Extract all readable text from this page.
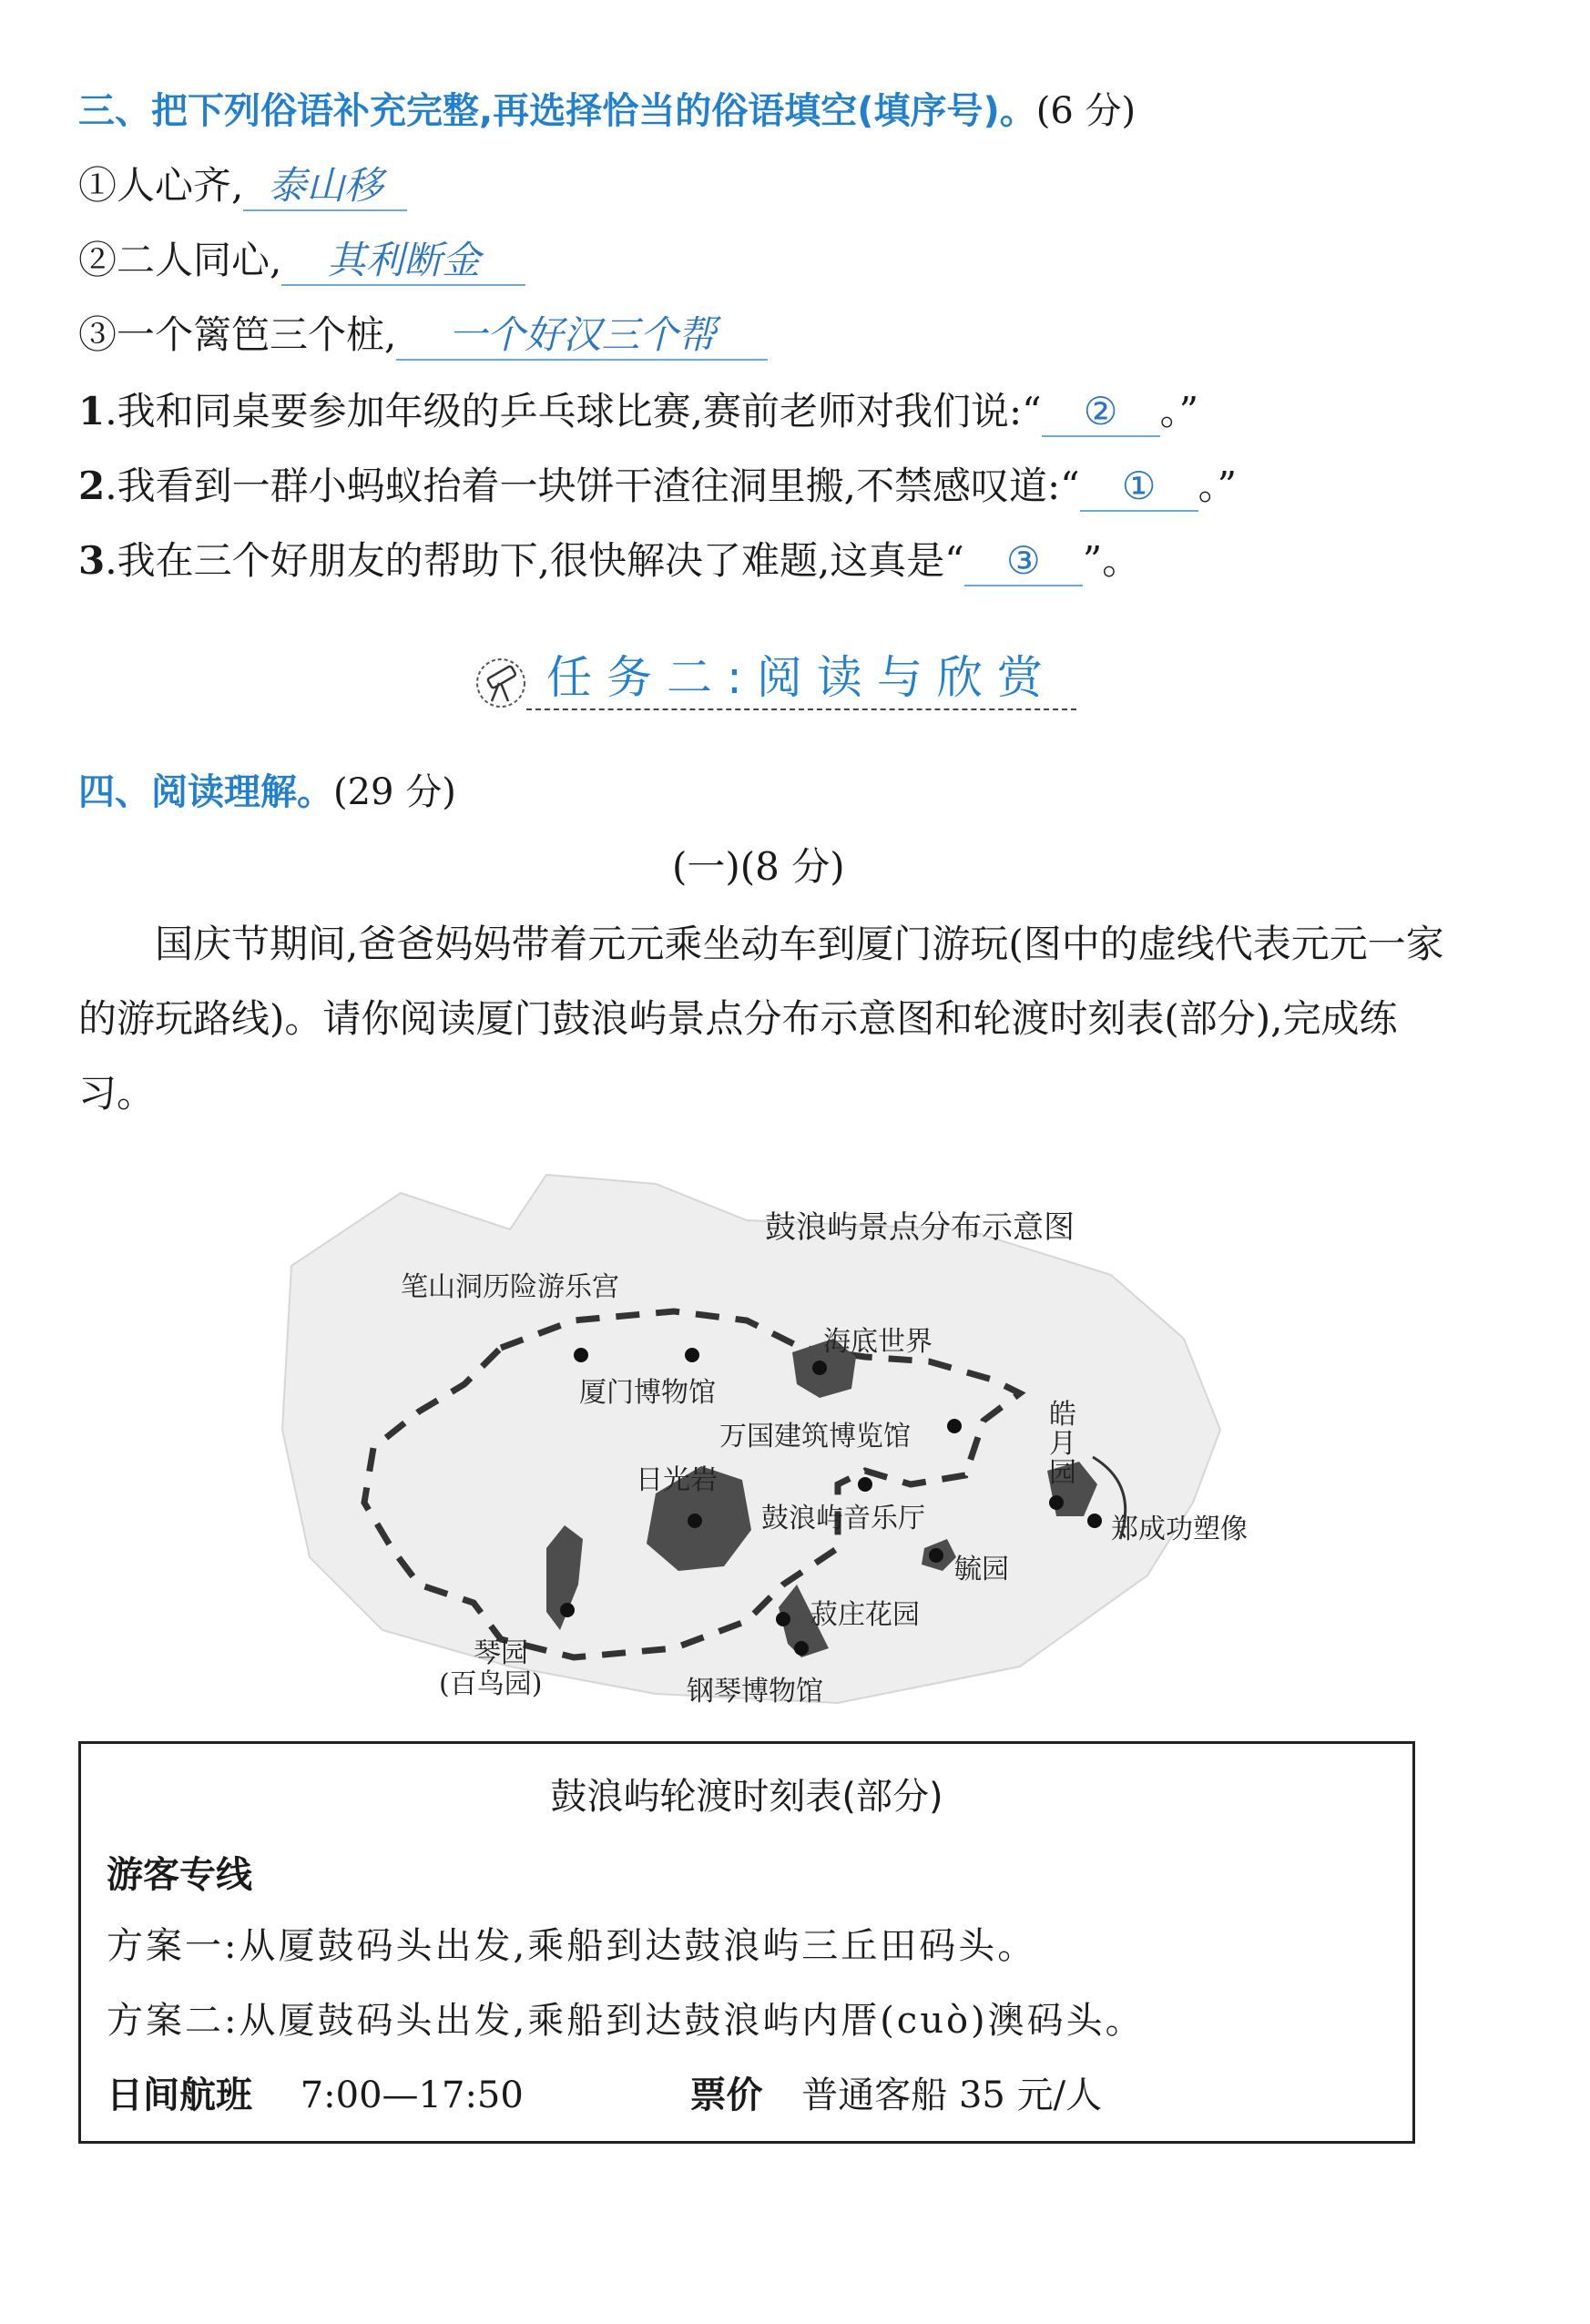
三、把下列俗语补充完整,再选择恰当的俗语填空(填序号)。(6 分)
①人心齐, 泰山移
②二人同心, 其利断金
③一个篱笆三个桩, 一个好汉三个帮
1.我和同桌要参加年级的乒乓球比赛,赛前老师对我们说:“ ② 。”
2.我看到一群小蚂蚁抬着一块饼干渣往洞里搬,不禁感叹道:“ ① 。”
3.我在三个好朋友的帮助下,很快解决了难题,这真是“ ③ ”。
任务二:阅读与欣赏
四、阅读理解。(29 分)
(一)(8 分)
国庆节期间,爸爸妈妈带着元元乘坐动车到厦门游玩(图中的虚线代表元元一家的游玩路线)。请你阅读厦门鼓浪屿景点分布示意图和轮渡时刻表(部分),完成练习。
鼓浪屿景点分布示意图
笔山洞历险游乐宫
海底世界
厦门博物馆
万国建筑博览馆
日光岩
皓
月
园
郑成功塑像
鼓浪屿音乐厅
毓园
菽庄花园
琴园
(百鸟园)	钢琴博物馆
鼓浪屿轮渡时刻表(部分)
游客专线
方案一:从厦鼓码头出发,乘船到达鼓浪屿三丘田码头。
方案二:从厦鼓码头出发,乘船到达鼓浪屿内厝(cuò)澳码头。
日间航班 7:00—17:50	票价 普通客船 35 元/人
